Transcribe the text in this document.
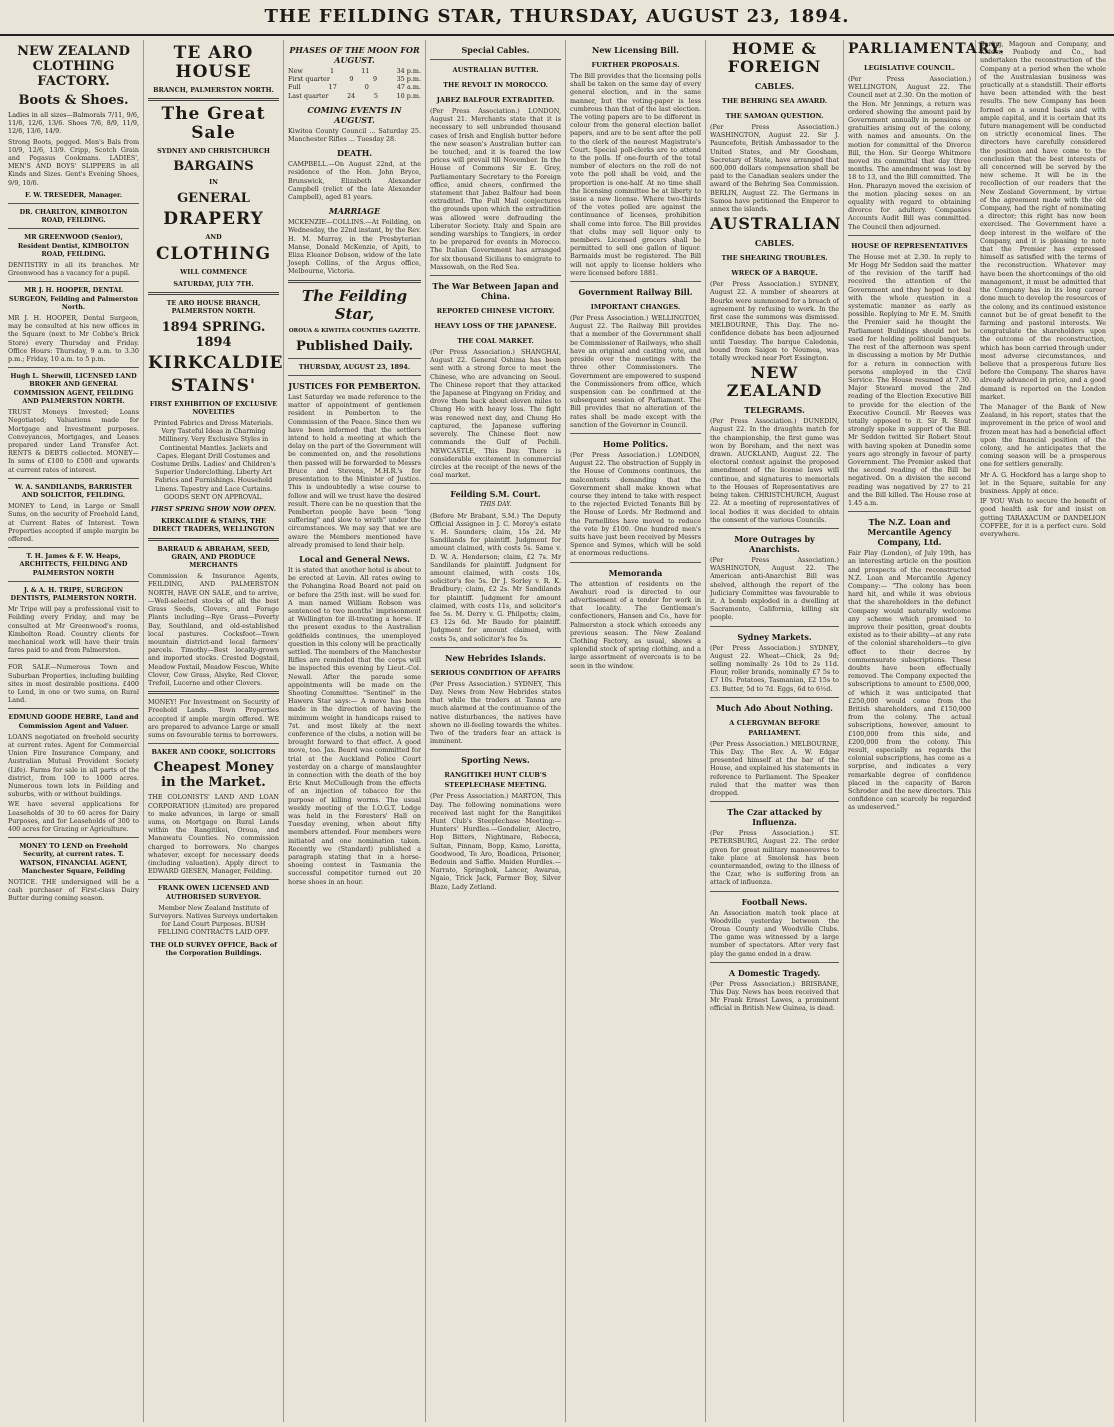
THE FEILDING STAR, THURSDAY, AUGUST 23, 1894.
NEW ZEALAND CLOTHING FACTORY.
Boots & Shoes.
Ladies in all sizes—Balmorals 7/11, 9/6, 11/6, 12/6, 13/6. Shoes 7/6, 8/9, 11/9, 12/6, 13/6, 14/9.
Strong Boots, pegged. Men's Bals from 10/9, 12/6, 13/9. Cripp, Scotch Grain and Pegasus Cookmans. LADIES', MEN'S AND BOYS' SLIPPERS in all Kinds and Sizes. Gent's Evening Shoes, 9/9, 10/6.
F. W. TRESEDER, Manager.
DR. CHARLTON, KIMBOLTON ROAD, FEILDING.
MR GREENWOOD (Senior), Resident Dentist, KIMBOLTON ROAD, FEILDING.
DENTISTRY in all its branches. Mr Greenwood has a vacancy for a pupil.
MR J. H. HOOPER, DENTAL SURGEON, Feilding and Palmerston North.
MR J. H. HOOPER, Dental Surgeon, may be consulted at his new offices in the Square (next to Mr Cobbe's Brick Store) every Thursday and Friday. Office Hours: Thursday, 9 a.m. to 3.30 p.m.; Friday, 10 a.m. to 5 p.m.
Hugh L. Sherwill, LICENSED LAND BROKER AND GENERAL COMMISSION AGENT, FEILDING AND PALMERSTON NORTH.
TRUST Moneys Invested; Loans Negotiated; Valuations made for Mortgage and Investment purposes. Conveyances, Mortgages, and Leases prepared under Land Transfer Act. RENTS & DEBTS collected. MONEY—In sums of £100 to £500 and upwards at current rates of interest.
W. A. SANDILANDS, BARRISTER AND SOLICITOR, FEILDING.
MONEY to Lend, in Large or Small Sums, on the security of Freehold Land, at Current Rates of Interest. Town Properties accepted if ample margin be offered.
T. H. James & F. W. Heaps, ARCHITECTS, FEILDING AND PALMERSTON NORTH
J. & A. H. TRIPE, SURGEON DENTISTS, PALMERSTON NORTH.
Mr Tripe will pay a professional visit to Feilding every Friday, and may be consulted at Mr Greenwood's rooms, Kimbolton Road. Country clients for mechanical work will have their train fares paid to and from Palmerston.
FOR SALE—Numerous Town and Suburban Properties, including building sites in most desirable positions. £400 to Lend, in one or two sums, on Rural Land.
EDMUND GOODE HEBRE, Land and Commission Agent and Valuer.
LOANS negotiated on freehold security at current rates. Agent for Commercial Union Fire Insurance Company, and Australian Mutual Provident Society (Life). Farms for sale in all parts of the district, from 100 to 1000 acres. Numerous town lots in Feilding and suburbs, with or without buildings.
WE have several applications for Leaseholds of 30 to 60 acres for Dairy Purposes, and for Leaseholds of 300 to 400 acres for Grazing or Agriculture.
MONEY TO LEND on Freehold Security, at current rates. T. WATSON, FINANCIAL AGENT, Manchester Square, Feilding
NOTICE. THE undersigned will be a cash purchaser of First-class Dairy Butter during coming season.
TE ARO HOUSE
BRANCH, PALMERSTON NORTH.
The Great Sale
SYDNEY AND CHRISTCHURCH
BARGAINS
IN
GENERAL
DRAPERY
AND
CLOTHING
WILL COMMENCE
SATURDAY, JULY 7TH.
TE ARO HOUSE BRANCH, PALMERSTON NORTH.
1894 SPRING. 1894
KIRKCALDIE
STAINS'
FIRST EXHIBITION OF EXCLUSIVE NOVELTIES
Printed Fabrics and Dress Materials. Very Tasteful Ideas in Charming Millinery. Very Exclusive Styles in Continental Mantles. Jackets and Capes. Elegant Drill Costumes and Costume Drills. Ladies' and Children's Superior Underclothing. Liberty Art Fabrics and Furnishings. Household Linens. Tapestry and Lace Curtains. GOODS SENT ON APPROVAL.
FIRST SPRING SHOW NOW OPEN.
KIRKCALDIE & STAINS, THE DIRECT TRADERS, WELLINGTON
BARRAUD & ABRAHAM, SEED, GRAIN, AND PRODUCE MERCHANTS
Commission & Insurance Agents, FEILDING, AND PALMERSTON NORTH, HAVE ON SALE, and to arrive,—Well-selected stocks of all the best Grass Seeds, Clovers, and Forage Plants including—Rye Grass—Poverty Bay, Southland, and old-established local pastures. Cocksfoot—Town mountain district-and local farmers' parcels. Timothy—Best locally-grown and imported stocks. Crested Dogstail, Meadow Foxtail, Meadow Fescue, White Clover, Cow Grass, Alsyke, Red Clover, Trefoil, Lucerne and other Clovers.
MONEY! For Investment on Security of Freehold Lands. Town Properties accepted if ample margin offered. WE are prepared to advance Large or small sums on favourable terms to borrowers.
BAKER AND COOKE, SOLICITORS
Cheapest Money in the Market.
THE COLONISTS' LAND AND LOAN CORPORATION (Limited) are prepared to make advances, in large or small sums, on Mortgage on Rural Lands within the Rangitikei, Oroua, and Manawatu Counties. No commission charged to borrowers. No charges whatever, except for necessary deeds (including valuation). Apply direct to EDWARD GIESEN, Manager, Feilding.
FRANK OWEN LICENSED AND AUTHORISED SURVEYOR.
Member New Zealand Institute of Surveyors. Natives Surveys undertaken for Land Court Purposes. BUSH FELLING CONTRACTS LAID OFF.
THE OLD SURVEY OFFICE, Back of the Corporation Buildings.
PHASES OF THE MOON FOR AUGUST.
New	1	11	34 p.m.
First quarter	9	9	35 p.m.
Full	17	0	47 a.m.
Last quarter	24	5	10 p.m.
COMING EVENTS IN AUGUST.
Kiwitea County Council ... Saturday 25. Manchester Rifles ... Tuesday 28.
DEATH.
CAMPBELL.—On August 22nd, at the residence of the Hon. John Bryce, Brunswick, Elizabeth Alexander Campbell (relict of the late Alexander Campbell), aged 81 years.
MARRIAGE
MCKENZIE—COLLINS.—At Feilding, on Wednesday, the 22nd instant, by the Rev. H. M. Murray, in the Presbyterian Manse, Donald McKenzie, of Apiti, to Eliza Eleanor Dobson, widow of the late Joseph Collins, of the Argus office, Melbourne, Victoria.
The Feilding Star,
OROUA & KIWITEA COUNTIES GAZETTE.
Published Daily.
THURSDAY, AUGUST 23, 1894.
JUSTICES FOR PEMBERTON.
Last Saturday we made reference to the matter of appointment of gentlemen resident in Pemberton to the Commission of the Peace. Since then we have been informed that the settlers intend to hold a meeting at which the delay on the part of the Government will be commented on, and the resolutions then passed will be forwarded to Messrs Bruce and Stevens, M.H.R.'s for presentation to the Minister of Justice. This is undoubtedly a wise course to follow and will we trust have the desired result. There can be no question that the Pemberton people have been "long suffering" and slow to wrath" under the circumstances. We may say that we are aware the Members mentioned have already promised to lend their help.
Local and General News.
It is stated that another hotel is about to be erected at Levin. All rates owing to the Pohangina Road Board not paid on or before the 25th inst. will be sued for. A man named William Robson was sentenced to two months' imprisonment at Wellington for ill-treating a horse. If the present exodus to the Australian goldfields continues, the unemployed question in this colony will be practically settled. The members of the Manchester Rifles are reminded that the corps will be inspected this evening by Lieut.-Col. Newall. After the parade some appointments will be made on the Shooting Committee. "Sentinel" in the Hawera Star says:— A move has been made in the direction of having the minimum weight in handicaps raised to 7st. and most likely at the next conference of the clubs, a notion will be brought forward to that effect. A good move, too. Jas. Beard was committed for trial at the Auckland Police Court yesterday on a charge of manslaughter in connection with the death of the boy Eric Knut McCullough from the effects of an injection of tobacco for the purpose of killing worms. The usual weekly meeting of the I.O.G.T. Lodge was held in the Foresters' Hall on Tuesday evening, when about fifty members attended. Four members were initiated and one nomination taken. Recently we (Standard) published a paragraph stating that in a horse-shoeing contest in Tasmania the successful competitor turned out 20 horse shoes in an hour.
Special Cables.
AUSTRALIAN BUTTER.
THE REVOLT IN MOROCCO.
JABEZ BALFOUR EXTRADITED.
(Per Press Association.) LONDON, August 21. Merchants state that it is necessary to sell unbranded thousand cases of Irish and English butter before the new season's Australian butter can be touched, and it is feared the low prices will prevail till November. In the House of Commons Sir E. Grey, Parliamentary Secretary to the Foreign office, amid cheers, confirmed the statement that Jabez Balfour had been extradited. The Full Mail conjectures the grounds upon which the extradition was allowed were defrauding the Liberator Society. Italy and Spain are sending warships to Tangiers, in order to be prepared for events in Morocco. The Italian Government has arranged for six thousand Sicilians to emigrate to Massowah, on the Red Sea.
The War Between Japan and China.
REPORTED CHINESE VICTORY.
HEAVY LOSS OF THE JAPANESE.
THE COAL MARKET.
(Per Press Association.) SHANGHAI, August 22. General Oshima has been sent with a strong force to meet the Chinese, who are advancing on Seoul. The Chinese report that they attacked the Japanese at Pingyang on Friday, and drove them back about eleven miles to Chung Ho with heavy loss. The fight was renewed next day, and Chung Ho captured, the Japanese suffering severely. The Chinese fleet now commands the Gulf of Pechili. NEWCASTLE, This Day. There is considerable excitement in commercial circles at the receipt of the news of the coal market.
Feilding S.M. Court.
THIS DAY.
(Before Mr Brabant, S.M.) The Deputy Official Assignee in J. C. Morey's estate v. H. Saunders; claim, 15s 2d. Mr Sandilands for plaintiff. Judgment for amount claimed, with costs 5s. Same v. D. W. A. Henderson; claim, £2 7s. Mr Sandilands for plaintiff. Judgment for amount claimed, with costs 10s, solicitor's fee 5s. Dr J. Sorley v. R. K. Bradbury; claim, £2 2s. Mr Sandilands for plaintiff. Judgment for amount claimed, with costs 11s, and solicitor's fee 5s. M. Derry v. G. Philpotts; claim, £3 12s 6d. Mr Baudo for plaintiff. Judgment for amount claimed, with costs 5s, and solicitor's fee 5s.
New Hebrides Islands.
SERIOUS CONDITION OF AFFAIRS
(Per Press Association.) SYDNEY, This Day. News from New Hebrides states that while the traders at Tanna are much alarmed at the continuance of the native disturbances, the natives have shown no ill-feeling towards the whites. Two of the traders fear an attack is imminent.
Sporting News.
RANGITIKEI HUNT CLUB'S STEEPLECHASE MEETING.
(Per Press Association.) MARTON, This Day. The following nominations were received last night for the Rangitikei Hunt Club's Steeplechase Meeting:— Hunters' Hurdles.—Gondolier, Alectro, Hop Bitters, Nightmare, Rebecca, Sultan, Pinnam, Bopp, Kamo, Loretta, Goodwood, Te Aro, Boadicea, Prisoner, Bedouin and Saffie. Maiden Hurdles.—Narrato, Springbok, Lancer, Awarua, Ngaio, Trick Jack, Farmer Boy, Silver Blaze, Lady Zetland.
New Licensing Bill.
FURTHER PROPOSALS.
The Bill provides that the licensing polls shall be taken on the same day of every general election, and in the same manner, but the voting-paper is less cumbrous than that of the last election. The voting papers are to be different in colour from the general election ballot papers, and are to be sent after the poll to the clerk of the nearest Magistrate's Court. Special poll-clerks are to attend to the polls. If one-fourth of the total number of electors on the roll do not vote the poll shall be void, and the proportion is one-half. At no time shall the licensing committee be at liberty to issue a new license. Where two-thirds of the votes polled are against the continuance of licenses, prohibition shall come into force. The Bill provides that clubs may sell liquor only to members. Licensed grocers shall be permitted to sell one gallon of liquor. Barmaids must be registered. The Bill will not apply to license holders who were licensed before 1881.
Government Railway Bill.
IMPORTANT CHANGES.
(Per Press Association.) WELLINGTON, August 22. The Railway Bill provides that a member of the Government shall be Commissioner of Railways, who shall have an original and casting vote, and preside over the meetings with the three other Commissioners. The Government are empowered to suspend the Commissioners from office, which suspension can be confirmed at the subsequent session of Parliament. The Bill provides that no alteration of the rates shall be made except with the sanction of the Governor in Council.
Home Politics.
(Per Press Association.) LONDON, August 22. The obstruction of Supply in the House of Commons continues, the malcontents demanding that the Government shall make known what course they intend to take with respect to the rejected Evicted Tenants Bill by the House of Lords. Mr Redmond and the Parnellites have moved to reduce the vote by £100. One hundred men's suits have just been received by Messrs Spence and Symes, which will be sold at enormous reductions.
Memoranda
The attention of residents on the Awahuri road is directed to our advertisement of a tender for work in that locality. The Gentleman's confectioners, Hansen and Co., have for Palmerston a stock which exceeds any previous season. The New Zealand Clothing Factory, as usual, shows a splendid stock of spring clothing, and a large assortment of overcoats is to be seen in the window.
HOME & FOREIGN
CABLES.
THE BEHRING SEA AWARD.
THE SAMOAN QUESTION.
(Per Press Association.) WASHINGTON, August 22. Sir J. Pauncefote, British Ambassador to the United States, and Mr Goosham, Secretary of State, have arranged that 600,000 dollars compensation shall be paid to the Canadian sealers under the award of the Behring Sea Commission. BERLIN, August 22. The Germans in Samoa have petitioned the Emperor to annex the islands.
AUSTRALIAN
CABLES.
THE SHEARING TROUBLES.
WRECK OF A BARQUE.
(Per Press Association.) SYDNEY, August 22. A number of shearers at Bourke were summoned for a breach of agreement by refusing to work. In the first case the summons was dismissed. MELBOURNE, This Day. The no-confidence debate has been adjourned until Tuesday. The barque Caledonia, bound from Saigon to Noumea, was totally wrecked near Port Essington.
NEW ZEALAND
TELEGRAMS.
(Per Press Association.) DUNEDIN, August 22. In the draughts match for the championship, the first game was won by Boreham, and the next was drawn. AUCKLAND, August 22. The electoral contest against the proposed amendment of the license laws will continue, and signatures to memorials to the Houses of Representatives are being taken. CHRISTCHURCH, August 22. At a meeting of representatives of local bodies it was decided to obtain the consent of the various Councils.
More Outrages by Anarchists.
(Per Press Association.) WASHINGTON, August 22. The American anti-Anarchist Bill was shelved, although the report of the Judiciary Committee was favourable to it. A bomb exploded in a dwelling at Sacramento, California, killing six people.
Sydney Markets.
(Per Press Association.) SYDNEY, August 22. Wheat—Chick, 2s 9d; selling nominally 2s 10d to 2s 11d. Flour, roller brands, nominally £7 5s to £7 10s. Potatoes, Tasmanian, £2 15s to £3. Butter, 5d to 7d. Eggs, 6d to 6½d.
Much Ado About Nothing.
A CLERGYMAN BEFORE PARLIAMENT.
(Per Press Association.) MELBOURNE, This Day. The Rev. A. W. Edgar presented himself at the bar of the House, and explained his statements in reference to Parliament. The Speaker ruled that the matter was then dropped.
The Czar attacked by Influenza.
(Per Press Association.) ST. PETERSBURG, August 22. The order given for great military manoeuvres to take place at Smolensk has been countermanded, owing to the illness of the Czar, who is suffering from an attack of influenza.
Football News.
An Association match took place at Woodville yesterday between the Oroua County and Woodville Clubs. The game was witnessed by a large number of spectators. After very fast play the game ended in a draw.
A Domestic Tragedy.
(Per Press Association.) BRISBANE, This Day. News has been received that Mr Frank Ernest Lawes, a prominent official in British New Guinea, is dead.
PARLIAMENTARY.
LEGISLATIVE COUNCIL.
(Per Press Association.) WELLINGTON, August 22. The Council met at 2.30. On the motion of the Hon. Mr Jennings, a return was ordered showing the amount paid by Government annually in pensions or gratuities arising out of the colony, with names and amounts. On the motion for committal of the Divorce Bill, the Hon. Sir George Whitmore moved its committal that day three months. The amendment was lost by 18 to 13, and the Bill committed. The Hon. Pharazyn moved the excision of the motion placing sexes on an equality with regard to obtaining divorce for adultery. Companies Accounts Audit Bill was committed. The Council then adjourned.
HOUSE OF REPRESENTATIVES
The House met at 2.30. In reply to Mr Hogg Mr Seddon said the matter of the revision of the tariff had received the attention of the Government and they hoped to deal with the whole question in a systematic manner as early as possible. Replying to Mr E. M. Smith the Premier said he thought the Parliament Buildings should not be used for holding political banquets. The rest of the afternoon was spent in discussing a motion by Mr Duthie for a return in connection with persons employed in the Civil Service. The House resumed at 7.30. Major Steward moved the 2nd reading of the Election Executive Bill to provide for the election of the Executive Council. Mr Reeves was totally opposed to it. Sir R. Stout strongly spoke in support of the Bill. Mr Seddon twitted Sir Robert Stout with having spoken at Dunedin some years ago strongly in favour of party Government. The Premier asked that the second reading of the Bill be negatived. On a division the second reading was negatived by 27 to 21 and the Bill killed. The House rose at 1.45 a.m.
The N.Z. Loan and Mercantile Agency Company, Ltd.
Fair Play (London), of July 19th, has an interesting article on the position and prospects of the reconstructed N.Z. Loan and Mercantile Agency Company:— "The colony has been hard hit, and while it was obvious that the shareholders in the defunct Company would naturally welcome any scheme which promised to improve their position, great doubts existed as to their ability—at any rate of the colonial shareholders—to give effect to their decree by commensurate subscriptions. These doubts have been effectually removed. The Company expected the subscriptions to amount to £500,000, of which it was anticipated that £250,000 would come from the British shareholders, and £150,000 from the colony. The actual subscriptions, however, amount to £100,000 from this side, and £200,000 from the colony. This result, especially as regards the colonial subscriptions, has come as a surprise, and indicates a very remarkable degree of confidence placed in the capacity of Baron Schroder and the new directors. This confidence can scarcely be regarded as undeserved."
Baring, Magoun and Company, and Kidder, Peabody and Co., had undertaken the reconstruction of the Company at a period when the whole of the Australasian business was practically at a standstill. Their efforts have been attended with the best results. The new Company has been formed on a sound basis and with ample capital, and it is certain that its future management will be conducted on strictly economical lines. The directors have carefully considered the position and have come to the conclusion that the best interests of all concerned will be served by the new scheme. It will be in the recollection of our readers that the New Zealand Government, by virtue of the agreement made with the old Company, had the right of nominating a director; this right has now been exercised. The Government have a deep interest in the welfare of the Company, and it is pleasing to note that the Premier has expressed himself as satisfied with the terms of the reconstruction. Whatever may have been the shortcomings of the old management, it must be admitted that the Company has in its long career done much to develop the resources of the colony, and its continued existence cannot but be of great benefit to the farming and pastoral interests. We congratulate the shareholders upon the outcome of the reconstruction, which has been carried through under most adverse circumstances, and believe that a prosperous future lies before the Company. The shares have already advanced in price, and a good demand is reported on the London market.
The Manager of the Bank of New Zealand, in his report, states that the improvement in the price of wool and frozen meat has had a beneficial effect upon the financial position of the colony, and he anticipates that the coming season will be a prosperous one for settlers generally.
Mr A. G. Hockford has a large shop to let in the Square, suitable for any business. Apply at once.
IF YOU Wish to secure the benefit of good health ask for and insist on getting TARAXACUM or DANDELION COFFEE, for it is a perfect cure. Sold everywhere.
